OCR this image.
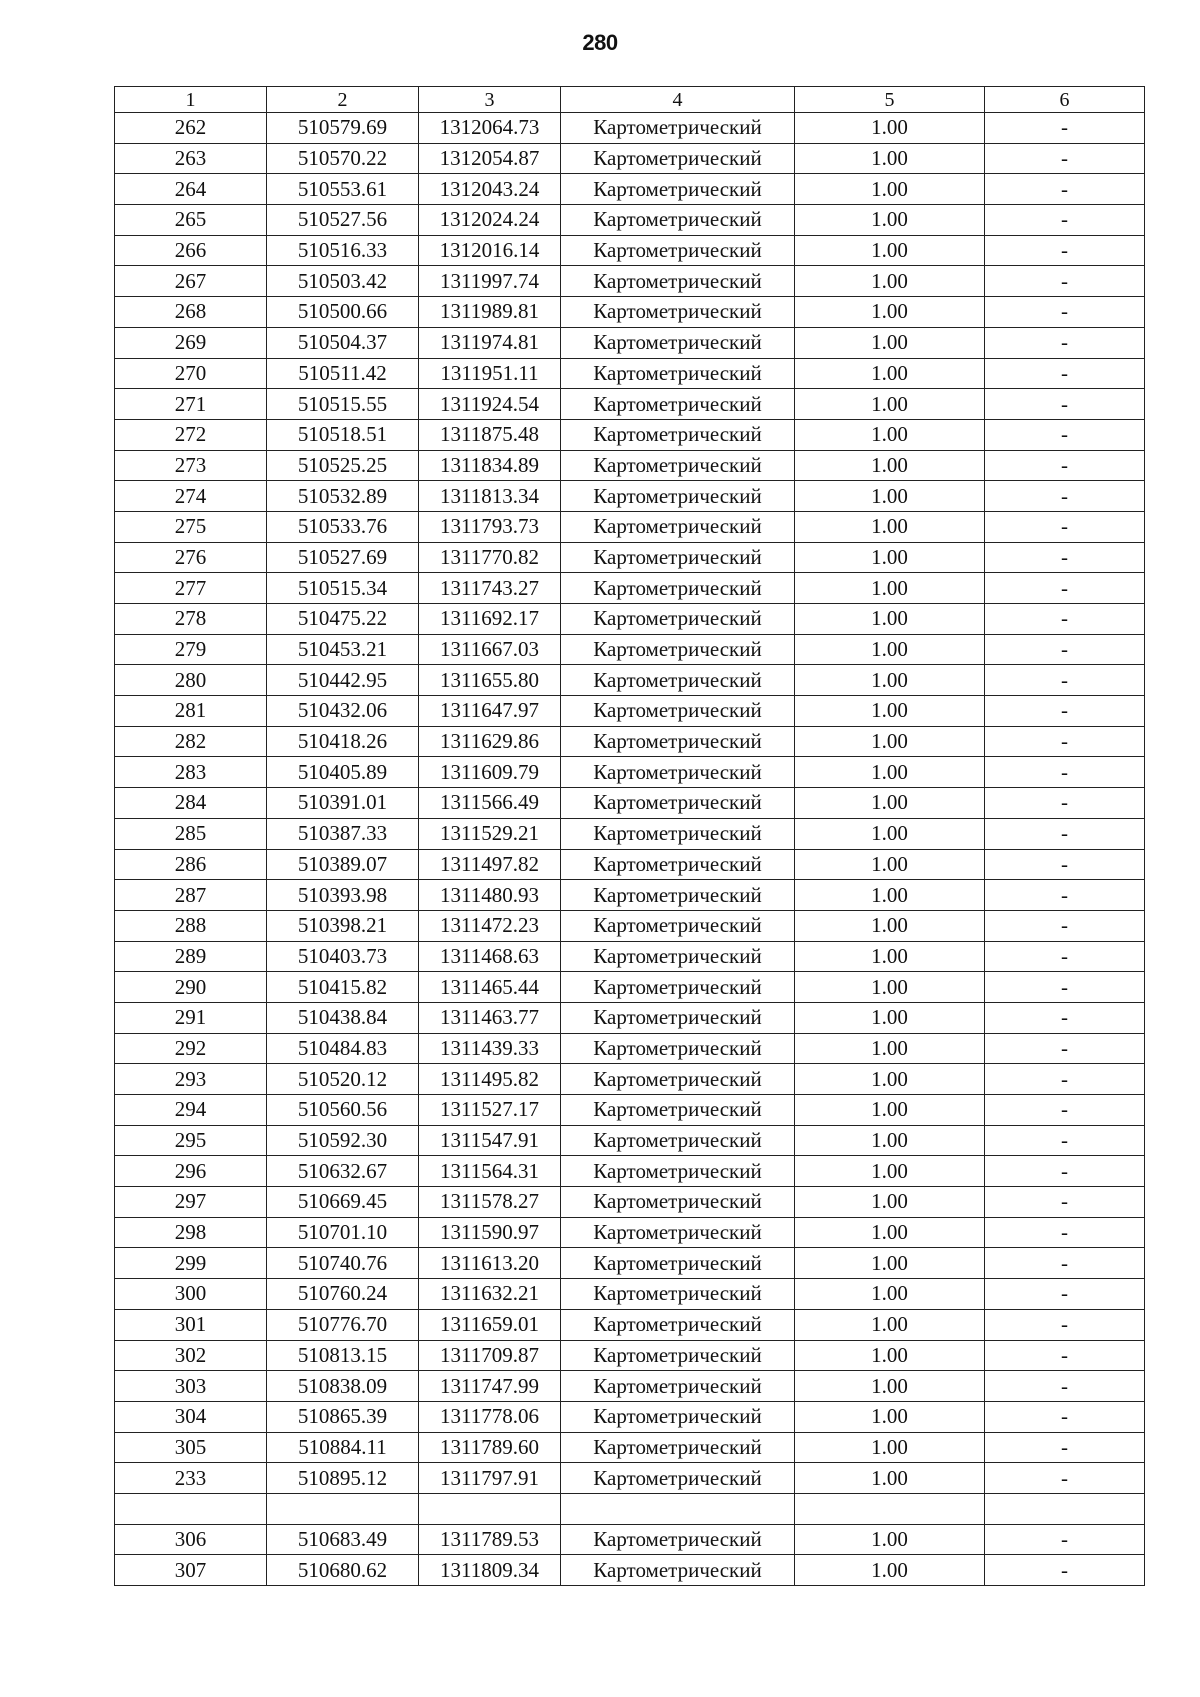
280
1	2	3	4	5	6
262	510579.69	1312064.73	Картометрический	1.00	-
263	510570.22	1312054.87	Картометрический	1.00	-
264	510553.61	1312043.24	Картометрический	1.00	-
265	510527.56	1312024.24	Картометрический	1.00	-
266	510516.33	1312016.14	Картометрический	1.00	-
267	510503.42	1311997.74	Картометрический	1.00	-
268	510500.66	1311989.81	Картометрический	1.00	-
269	510504.37	1311974.81	Картометрический	1.00	-
270	510511.42	1311951.11	Картометрический	1.00	-
271	510515.55	1311924.54	Картометрический	1.00	-
272	510518.51	1311875.48	Картометрический	1.00	-
273	510525.25	1311834.89	Картометрический	1.00	-
274	510532.89	1311813.34	Картометрический	1.00	-
275	510533.76	1311793.73	Картометрический	1.00	-
276	510527.69	1311770.82	Картометрический	1.00	-
277	510515.34	1311743.27	Картометрический	1.00	-
278	510475.22	1311692.17	Картометрический	1.00	-
279	510453.21	1311667.03	Картометрический	1.00	-
280	510442.95	1311655.80	Картометрический	1.00	-
281	510432.06	1311647.97	Картометрический	1.00	-
282	510418.26	1311629.86	Картометрический	1.00	-
283	510405.89	1311609.79	Картометрический	1.00	-
284	510391.01	1311566.49	Картометрический	1.00	-
285	510387.33	1311529.21	Картометрический	1.00	-
286	510389.07	1311497.82	Картометрический	1.00	-
287	510393.98	1311480.93	Картометрический	1.00	-
288	510398.21	1311472.23	Картометрический	1.00	-
289	510403.73	1311468.63	Картометрический	1.00	-
290	510415.82	1311465.44	Картометрический	1.00	-
291	510438.84	1311463.77	Картометрический	1.00	-
292	510484.83	1311439.33	Картометрический	1.00	-
293	510520.12	1311495.82	Картометрический	1.00	-
294	510560.56	1311527.17	Картометрический	1.00	-
295	510592.30	1311547.91	Картометрический	1.00	-
296	510632.67	1311564.31	Картометрический	1.00	-
297	510669.45	1311578.27	Картометрический	1.00	-
298	510701.10	1311590.97	Картометрический	1.00	-
299	510740.76	1311613.20	Картометрический	1.00	-
300	510760.24	1311632.21	Картометрический	1.00	-
301	510776.70	1311659.01	Картометрический	1.00	-
302	510813.15	1311709.87	Картометрический	1.00	-
303	510838.09	1311747.99	Картометрический	1.00	-
304	510865.39	1311778.06	Картометрический	1.00	-
305	510884.11	1311789.60	Картометрический	1.00	-
233	510895.12	1311797.91	Картометрический	1.00	-

306	510683.49	1311789.53	Картометрический	1.00	-
307	510680.62	1311809.34	Картометрический	1.00	-
